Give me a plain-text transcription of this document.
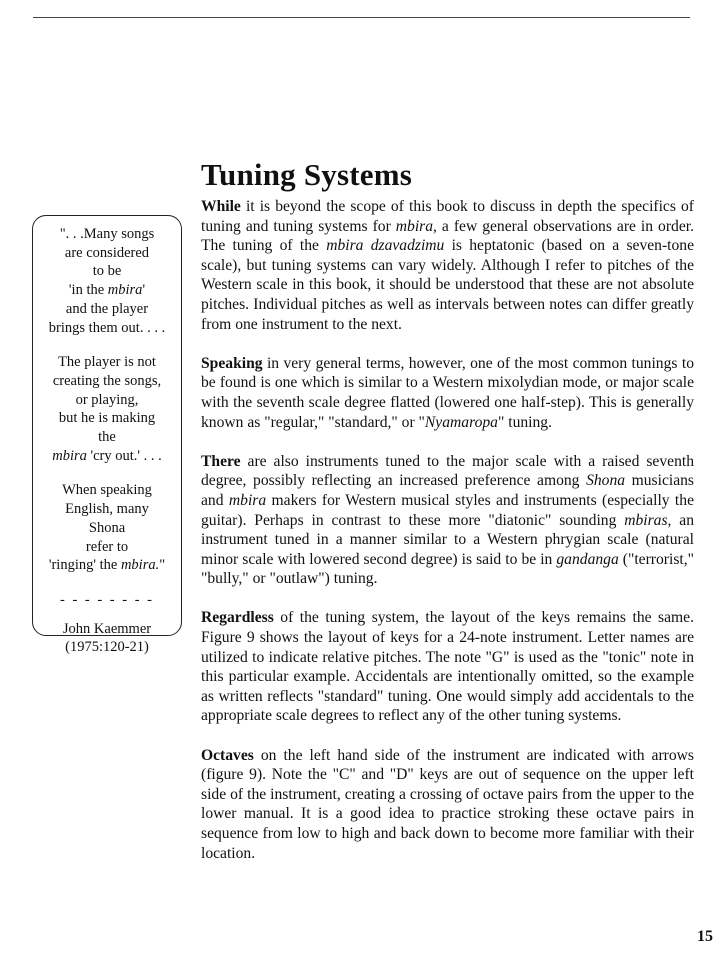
Tuning Systems

". . .Many songs
are considered
to be
'in the mbira'
and the player
brings them out. . . .

The player is not
creating the songs,
or playing,
but he is making
the
mbira 'cry out.' . . .

When speaking
English, many
Shona
refer to
'ringing' the mbira."

- - - - - - - -

John Kaemmer
(1975:120-21)

While it is beyond the scope of this book to discuss in depth the specifics of tuning and tuning systems for mbira, a few general observations are in order. The tuning of the mbira dzavadzimu is heptatonic (based on a seven-tone scale), but tuning systems can vary widely. Although I refer to pitches of the Western scale in this book, it should be understood that these are not absolute pitches. Individual pitches as well as intervals between notes can differ greatly from one instrument to the next.

Speaking in very general terms, however, one of the most common tunings to be found is one which is similar to a Western mixolydian mode, or major scale with the seventh scale degree flatted (lowered one half-step). This is generally known as "regular," "standard," or "Nyamaropa" tuning.

There are also instruments tuned to the major scale with a raised seventh degree, possibly reflecting an increased preference among Shona musicians and mbira makers for Western musical styles and instruments (especially the guitar). Perhaps in contrast to these more "diatonic" sounding mbiras, an instrument tuned in a manner similar to a Western phrygian scale (natural minor scale with lowered second degree) is said to be in gandanga ("terrorist," "bully," or "outlaw") tuning.

Regardless of the tuning system, the layout of the keys remains the same. Figure 9 shows the layout of keys for a 24-note instrument. Letter names are utilized to indicate relative pitches. The note "G" is used as the "tonic" note in this particular example. Accidentals are intentionally omitted, so the example as written reflects "standard" tuning. One would simply add accidentals to the appropriate scale degrees to reflect any of the other tuning systems.

Octaves on the left hand side of the instrument are indicated with arrows (figure 9). Note the "C" and "D" keys are out of sequence on the upper left side of the instrument, creating a crossing of octave pairs from the upper to the lower manual. It is a good idea to practice stroking these octave pairs in sequence from low to high and back down to become more familiar with their location.

15
